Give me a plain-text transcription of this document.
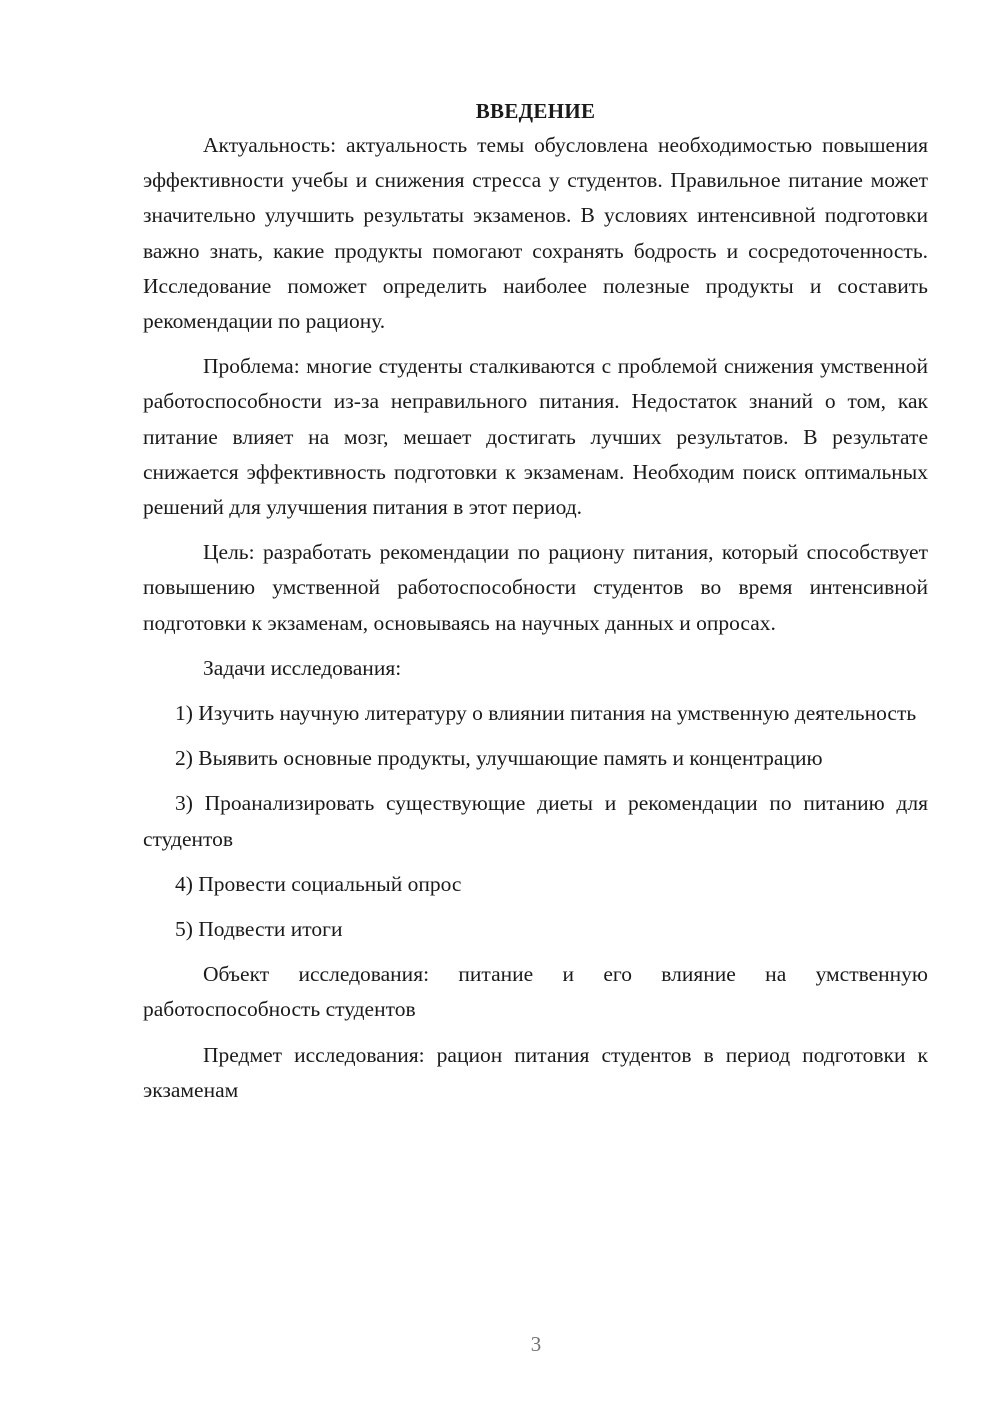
ВВЕДЕНИЕ

Актуальность: актуальность темы обусловлена необходимостью повышения эффективности учебы и снижения стресса у студентов. Правильное питание может значительно улучшить результаты экзаменов. В условиях интенсивной подготовки важно знать, какие продукты помогают сохранять бодрость и сосредоточенность. Исследование поможет определить наиболее полезные продукты и составить рекомендации по рациону.

Проблема: многие студенты сталкиваются с проблемой снижения умственной работоспособности из-за неправильного питания. Недостаток знаний о том, как питание влияет на мозг, мешает достигать лучших результатов. В результате снижается эффективность подготовки к экзаменам. Необходим поиск оптимальных решений для улучшения питания в этот период.

Цель: разработать рекомендации по рациону питания, который способствует повышению умственной работоспособности студентов во время интенсивной подготовки к экзаменам, основываясь на научных данных и опросах.

Задачи исследования:

1) Изучить научную литературу о влиянии питания на умственную деятельность

2) Выявить основные продукты, улучшающие память и концентрацию

3) Проанализировать существующие диеты и рекомендации по питанию для студентов

4) Провести социальный опрос

5) Подвести итоги

Объект исследования: питание и его влияние на умственную работоспособность студентов

Предмет исследования: рацион питания студентов в период подготовки к экзаменам

3
